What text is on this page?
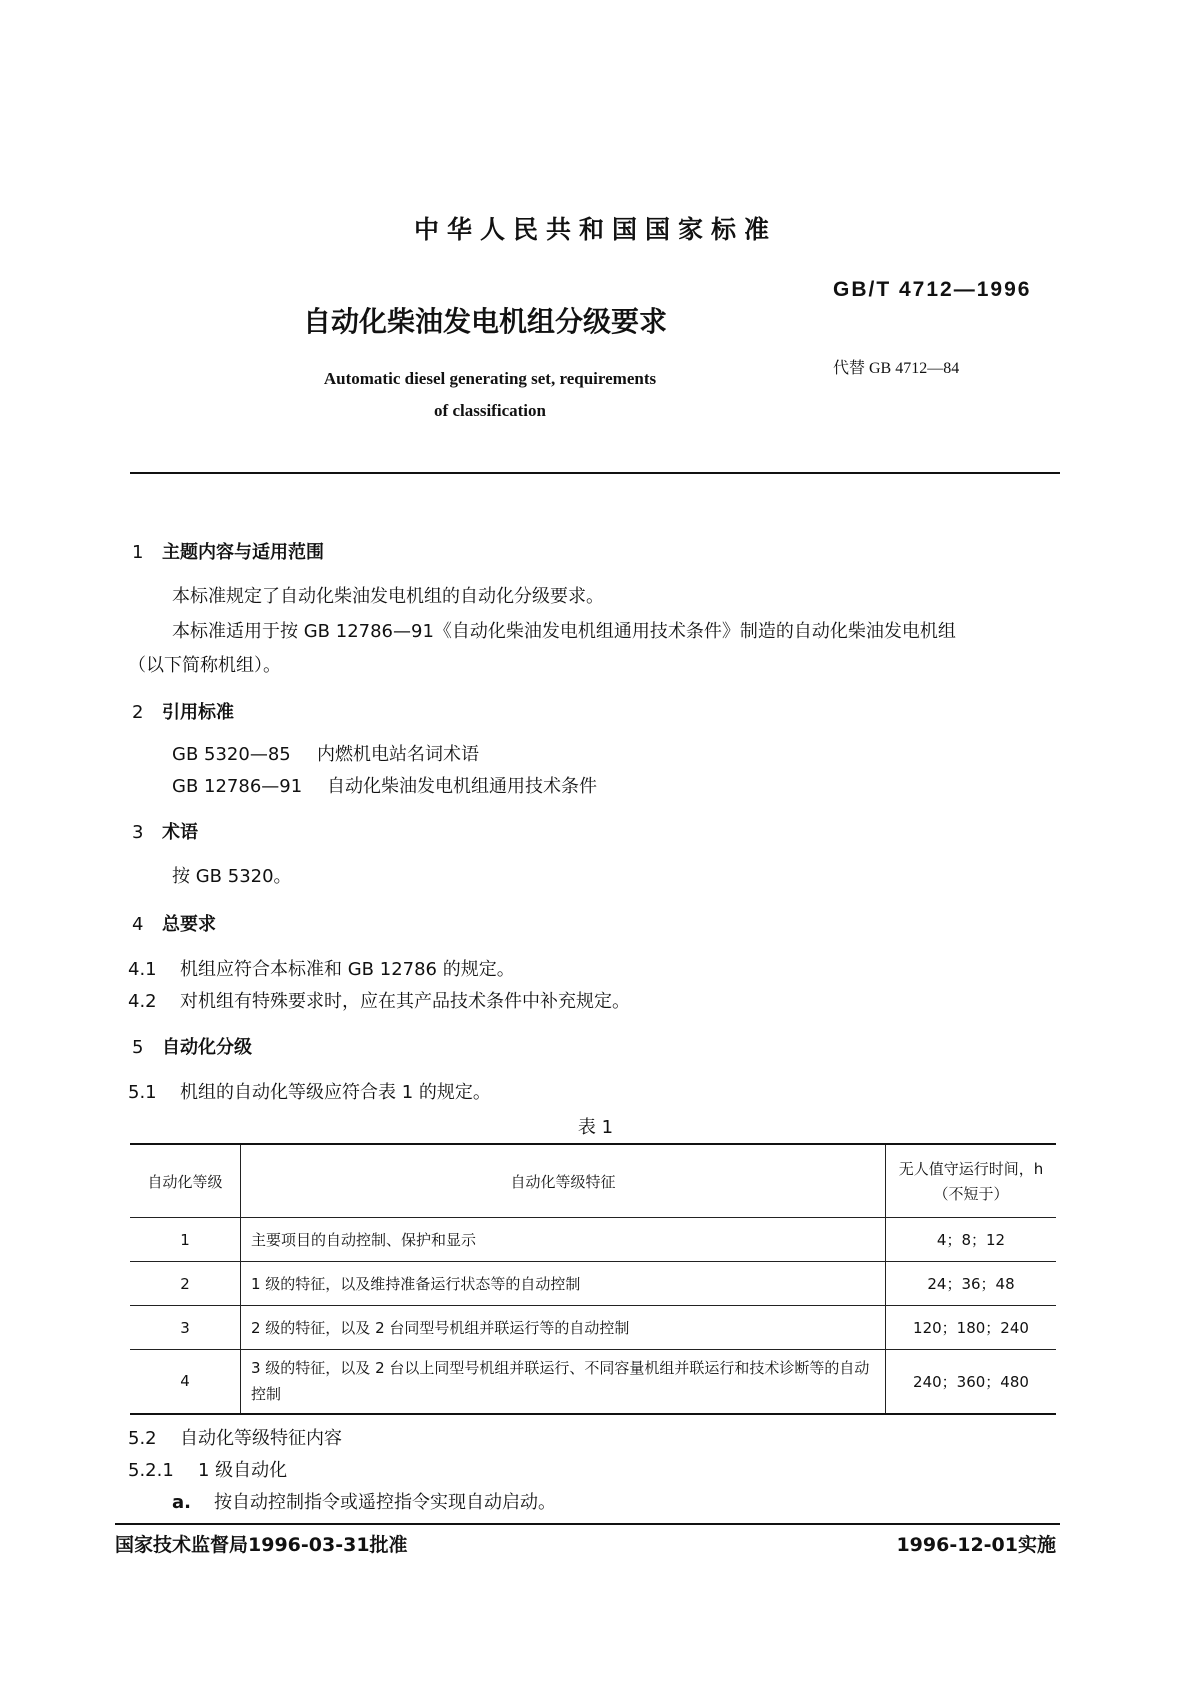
中华人民共和国国家标准
GB/T 4712—1996
自动化柴油发电机组分级要求
代替 GB 4712—84
Automatic diesel generating set, requirements
of classification
1 主题内容与适用范围
本标准规定了自动化柴油发电机组的自动化分级要求。
本标准适用于按 GB 12786—91《自动化柴油发电机组通用技术条件》制造的自动化柴油发电机组
（以下简称机组）。
2 引用标准
GB 5320—85 内燃机电站名词术语
GB 12786—91 自动化柴油发电机组通用技术条件
3 术语
按 GB 5320。
4 总要求
4.1 机组应符合本标准和 GB 12786 的规定。
4.2 对机组有特殊要求时，应在其产品技术条件中补充规定。
5 自动化分级
5.1 机组的自动化等级应符合表 1 的规定。
表 1
自动化等级	自动化等级特征	无人值守运行时间，h
（不短于）

1	主要项目的自动控制、保护和显示	4；8；12
2	1 级的特征，以及维持准备运行状态等的自动控制	24；36；48
3	2 级的特征，以及 2 台同型号机组并联运行等的自动控制	120；180；240
4	3 级的特征，以及 2 台以上同型号机组并联运行、不同容量机组并联运行和技术诊断等的自动控制	240；360；480
5.2 自动化等级特征内容
5.2.1 1 级自动化
a. 按自动控制指令或遥控指令实现自动启动。
国家技术监督局1996-03-31批准	1996-12-01实施
